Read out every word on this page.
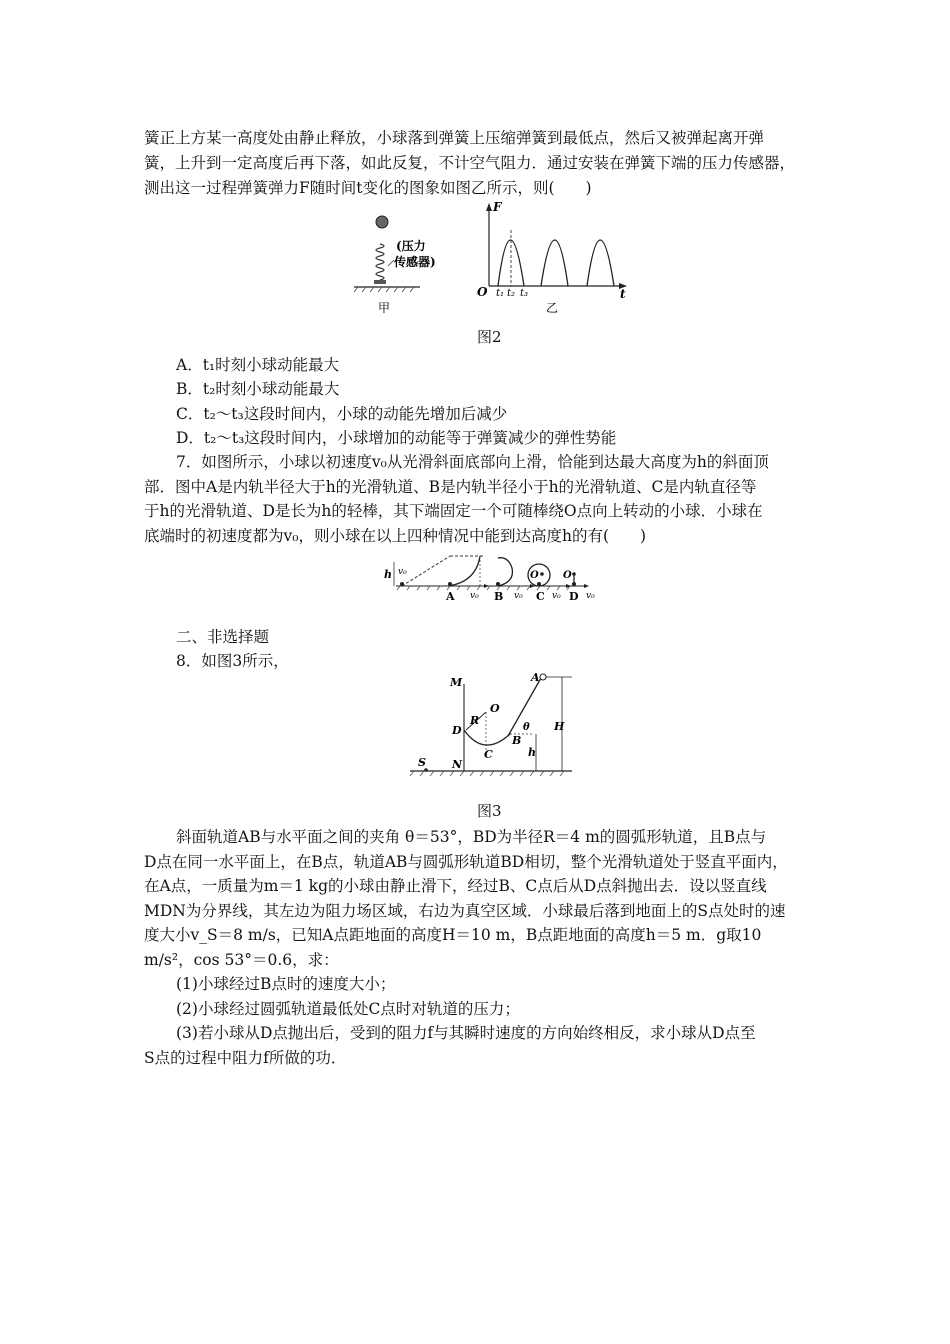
簧正上方某一高度处由静止释放，小球落到弹簧上压缩弹簧到最低点，然后又被弹起离开弹

簧，上升到一定高度后再下落，如此反复，不计空气阻力．通过安装在弹簧下端的压力传感器，

测出这一过程弹簧弹力F随时间t变化的图象如图乙所示，则(　　)

(压力
传感器)
甲
F
t
O t₁ t₂ t₃
乙

图2

A．t₁时刻小球动能最大

B．t₂时刻小球动能最大

C．t₂～t₃这段时间内，小球的动能先增加后减少

D．t₂～t₃这段时间内，小球增加的动能等于弹簧减少的弹性势能

7．如图所示，小球以初速度v₀从光滑斜面底部向上滑，恰能到达最大高度为h的斜面顶

部．图中A是内轨半径大于h的光滑轨道、B是内轨半径小于h的光滑轨道、C是内轨直径等

于h的光滑轨道、D是长为h的轻棒，其下端固定一个可随棒绕O点向上转动的小球．小球在

底端时的初速度都为v₀，则小球在以上四种情况中能到达高度h的有(　　)

h v₀
A v₀ B v₀
O
C v₀
O
D v₀

二、非选择题

8．如图3所示，

M
D
N
A
R
O
C
θ
B
h
H
S

图3

斜面轨道AB与水平面之间的夹角 θ＝53°，BD为半径R＝4 m的圆弧形轨道，且B点与

D点在同一水平面上，在B点，轨道AB与圆弧形轨道BD相切，整个光滑轨道处于竖直平面内，

在A点，一质量为m＝1 kg的小球由静止滑下，经过B、C点后从D点斜抛出去．设以竖直线

MDN为分界线，其左边为阻力场区域，右边为真空区域．小球最后落到地面上的S点处时的速

度大小v_S＝8 m/s，已知A点距地面的高度H＝10 m，B点距地面的高度h＝5 m．g取10

m/s²，cos 53°＝0.6，求：

(1)小球经过B点时的速度大小；

(2)小球经过圆弧轨道最低处C点时对轨道的压力；

(3)若小球从D点抛出后，受到的阻力f与其瞬时速度的方向始终相反，求小球从D点至

S点的过程中阻力f所做的功．
